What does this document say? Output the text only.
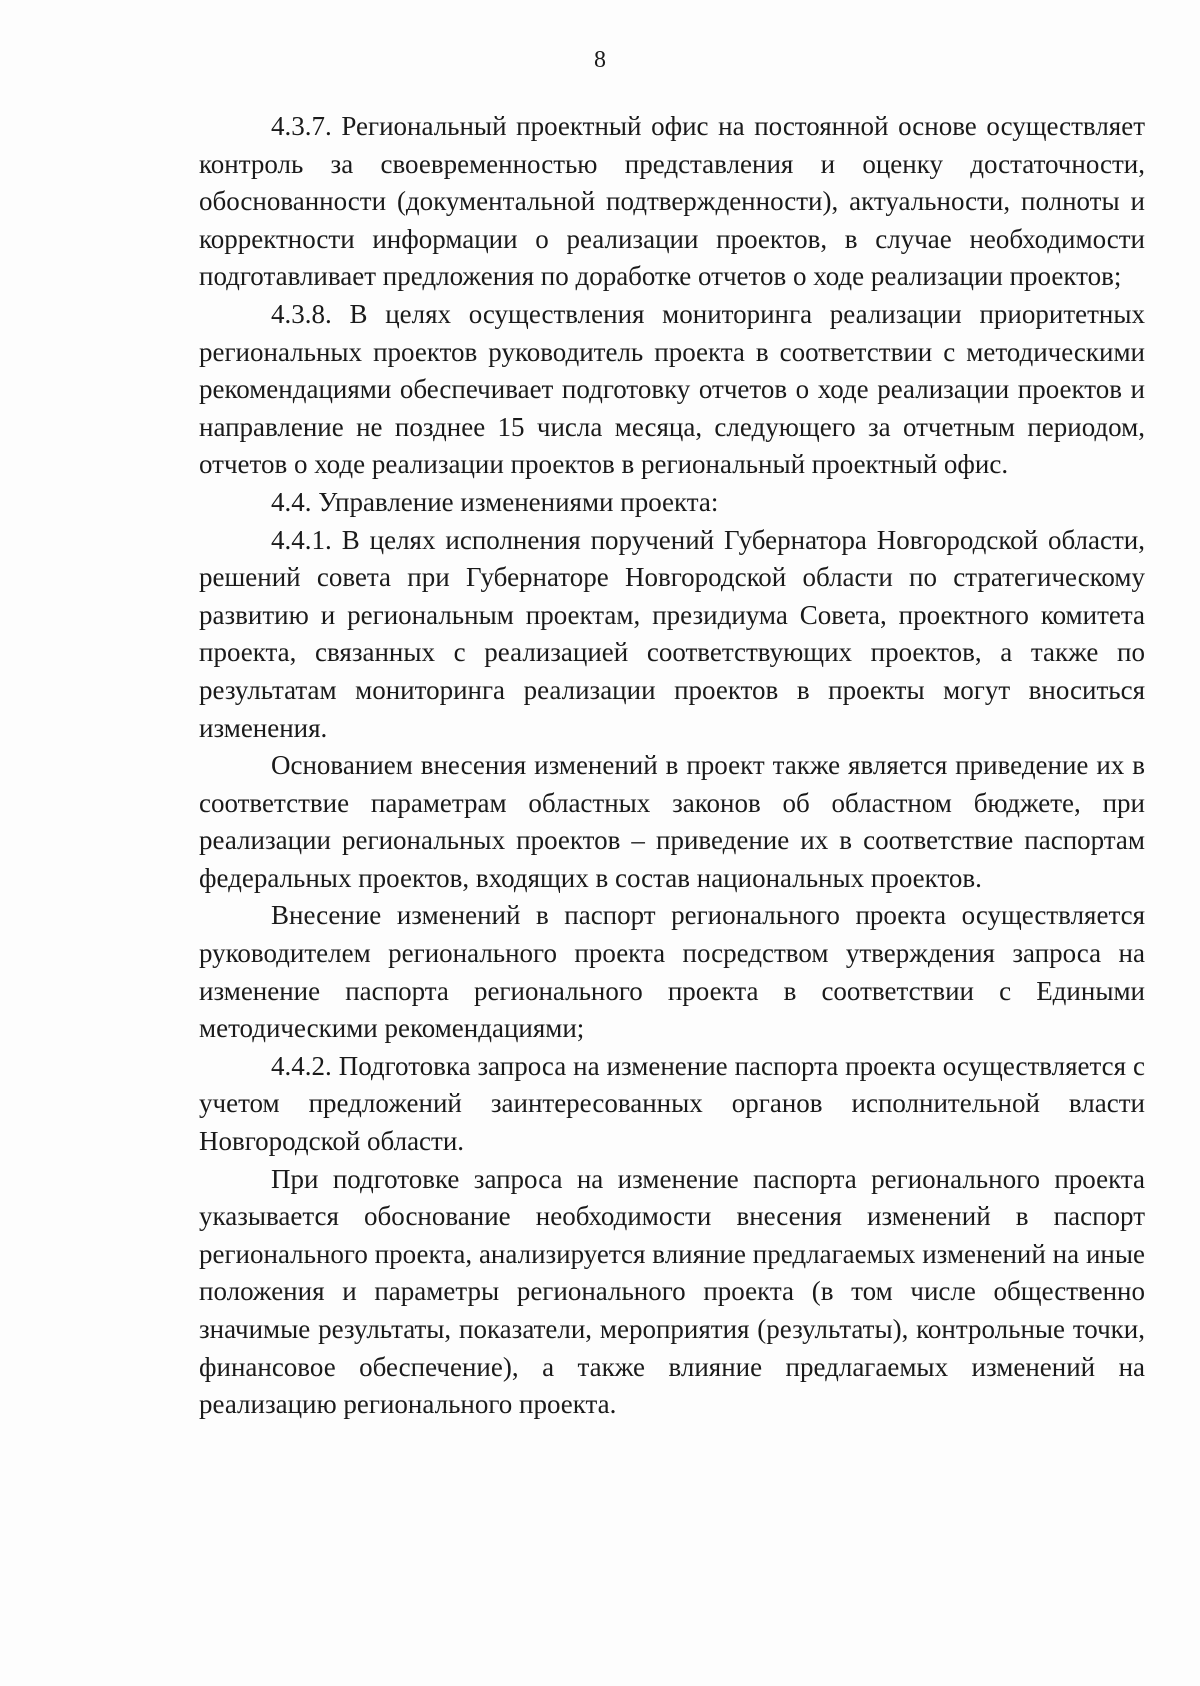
8

4.3.7. Региональный проектный офис на постоянной основе осуществляет контроль за своевременностью представления и оценку достаточности, обоснованности (документальной подтвержденности), актуальности, полноты и корректности информации о реализации проектов, в случае необходимости подготавливает предложения по доработке отчетов о ходе реализации проектов;

4.3.8. В целях осуществления мониторинга реализации приоритетных региональных проектов руководитель проекта в соответствии с методическими рекомендациями обеспечивает подготовку отчетов о ходе реализации проектов и направление не позднее 15 числа месяца, следующего за отчетным периодом, отчетов о ходе реализации проектов в региональный проектный офис.

4.4. Управление изменениями проекта:

4.4.1. В целях исполнения поручений Губернатора Новгородской области, решений совета при Губернаторе Новгородской области по стратегическому развитию и региональным проектам, президиума Совета, проектного комитета проекта, связанных с реализацией соответствующих проектов, а также по результатам мониторинга реализации проектов в проекты могут вноситься изменения.

Основанием внесения изменений в проект также является приведение их в соответствие параметрам областных законов об областном бюджете, при реализации региональных проектов – приведение их в соответствие паспортам федеральных проектов, входящих в состав национальных проектов.

Внесение изменений в паспорт регионального проекта осуществляется руководителем регионального проекта посредством утверждения запроса на изменение паспорта регионального проекта в соответствии с Едиными методическими рекомендациями;

4.4.2. Подготовка запроса на изменение паспорта проекта осуществляется с учетом предложений заинтересованных органов исполнительной власти Новгородской области.

При подготовке запроса на изменение паспорта регионального проекта указывается обоснование необходимости внесения изменений в паспорт регионального проекта, анализируется влияние предлагаемых изменений на иные положения и параметры регионального проекта (в том числе общественно значимые результаты, показатели, мероприятия (результаты), контрольные точки, финансовое обеспечение), а также влияние предлагаемых изменений на реализацию регионального проекта.
